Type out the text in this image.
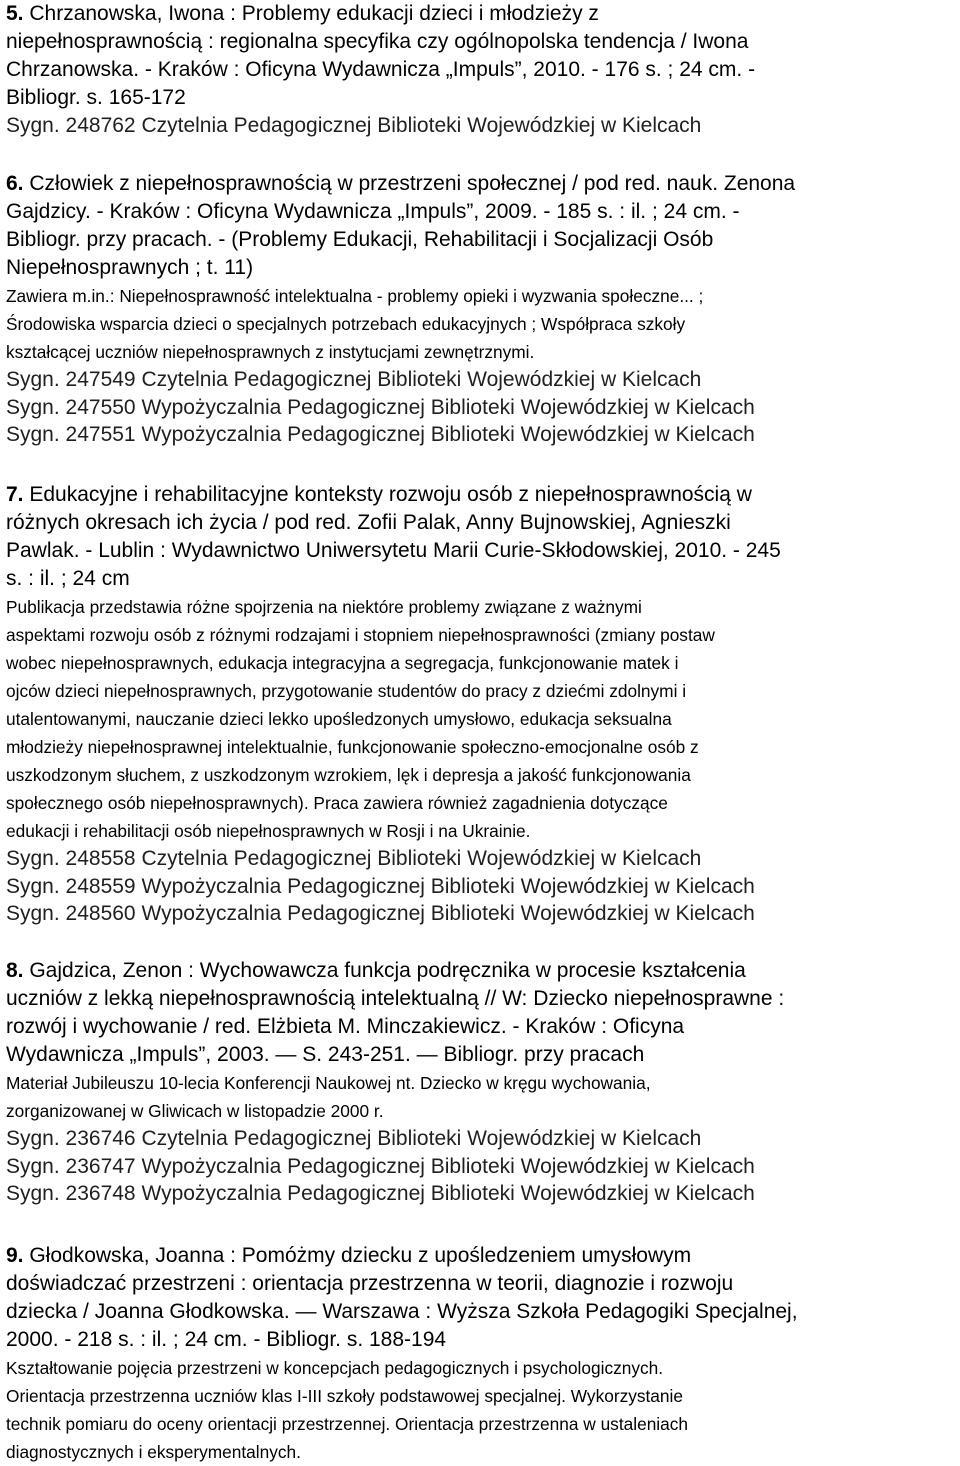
5. Chrzanowska, Iwona : Problemy edukacji dzieci i młodzieży z
niepełnosprawnością : regionalna specyfika czy ogólnopolska tendencja / Iwona
Chrzanowska. - Kraków : Oficyna Wydawnicza „Impuls”, 2010. - 176 s. ; 24 cm. -
Bibliogr. s. 165-172

Sygn. 248762 Czytelnia Pedagogicznej Biblioteki Wojewódzkiej w Kielcach

6. Człowiek z niepełnosprawnością w przestrzeni społecznej / pod red. nauk. Zenona
Gajdzicy. - Kraków : Oficyna Wydawnicza „Impuls”, 2009. - 185 s. : il. ; 24 cm. -
Bibliogr. przy pracach. - (Problemy Edukacji, Rehabilitacji i Socjalizacji Osób
Niepełnosprawnych ; t. 11)

Zawiera m.in.: Niepełnosprawność intelektualna - problemy opieki i wyzwania społeczne... ;
Środowiska wsparcia dzieci o specjalnych potrzebach edukacyjnych ; Współpraca szkoły
kształcącej uczniów niepełnosprawnych z instytucjami zewnętrznymi.

Sygn. 247549 Czytelnia Pedagogicznej Biblioteki Wojewódzkiej w Kielcach
Sygn. 247550 Wypożyczalnia Pedagogicznej Biblioteki Wojewódzkiej w Kielcach
Sygn. 247551 Wypożyczalnia Pedagogicznej Biblioteki Wojewódzkiej w Kielcach

7. Edukacyjne i rehabilitacyjne konteksty rozwoju osób z niepełnosprawnością w
różnych okresach ich życia / pod red. Zofii Palak, Anny Bujnowskiej, Agnieszki
Pawlak. - Lublin : Wydawnictwo Uniwersytetu Marii Curie-Skłodowskiej, 2010. - 245
s. : il. ; 24 cm

Publikacja przedstawia różne spojrzenia na niektóre problemy związane z ważnymi
aspektami rozwoju osób z różnymi rodzajami i stopniem niepełnosprawności (zmiany postaw
wobec niepełnosprawnych, edukacja integracyjna a segregacja, funkcjonowanie matek i
ojców dzieci niepełnosprawnych, przygotowanie studentów do pracy z dziećmi zdolnymi i
utalentowanymi, nauczanie dzieci lekko upośledzonych umysłowo, edukacja seksualna
młodzieży niepełnosprawnej intelektualnie, funkcjonowanie społeczno-emocjonalne osób z
uszkodzonym słuchem, z uszkodzonym wzrokiem, lęk i depresja a jakość funkcjonowania
społecznego osób niepełnosprawnych). Praca zawiera również zagadnienia dotyczące
edukacji i rehabilitacji osób niepełnosprawnych w Rosji i na Ukrainie.

Sygn. 248558 Czytelnia Pedagogicznej Biblioteki Wojewódzkiej w Kielcach
Sygn. 248559 Wypożyczalnia Pedagogicznej Biblioteki Wojewódzkiej w Kielcach
Sygn. 248560 Wypożyczalnia Pedagogicznej Biblioteki Wojewódzkiej w Kielcach

8. Gajdzica, Zenon : Wychowawcza funkcja podręcznika w procesie kształcenia
uczniów z lekką niepełnosprawnością intelektualną // W: Dziecko niepełnosprawne :
rozwój i wychowanie / red. Elżbieta M. Minczakiewicz. - Kraków : Oficyna
Wydawnicza „Impuls”, 2003. — S. 243-251. — Bibliogr. przy pracach

Materiał Jubileuszu 10-lecia Konferencji Naukowej nt. Dziecko w kręgu wychowania,
zorganizowanej w Gliwicach w listopadzie 2000 r.

Sygn. 236746 Czytelnia Pedagogicznej Biblioteki Wojewódzkiej w Kielcach
Sygn. 236747 Wypożyczalnia Pedagogicznej Biblioteki Wojewódzkiej w Kielcach
Sygn. 236748 Wypożyczalnia Pedagogicznej Biblioteki Wojewódzkiej w Kielcach

9. Głodkowska, Joanna : Pomóżmy dziecku z upośledzeniem umysłowym
doświadczać przestrzeni : orientacja przestrzenna w teorii, diagnozie i rozwoju
dziecka / Joanna Głodkowska. — Warszawa : Wyższa Szkoła Pedagogiki Specjalnej,
2000. - 218 s. : il. ; 24 cm. - Bibliogr. s. 188-194

Kształtowanie pojęcia przestrzeni w koncepcjach pedagogicznych i psychologicznych.
Orientacja przestrzenna uczniów klas I-III szkoły podstawowej specjalnej. Wykorzystanie
technik pomiaru do oceny orientacji przestrzennej. Orientacja przestrzenna w ustaleniach
diagnostycznych i eksperymentalnych.
